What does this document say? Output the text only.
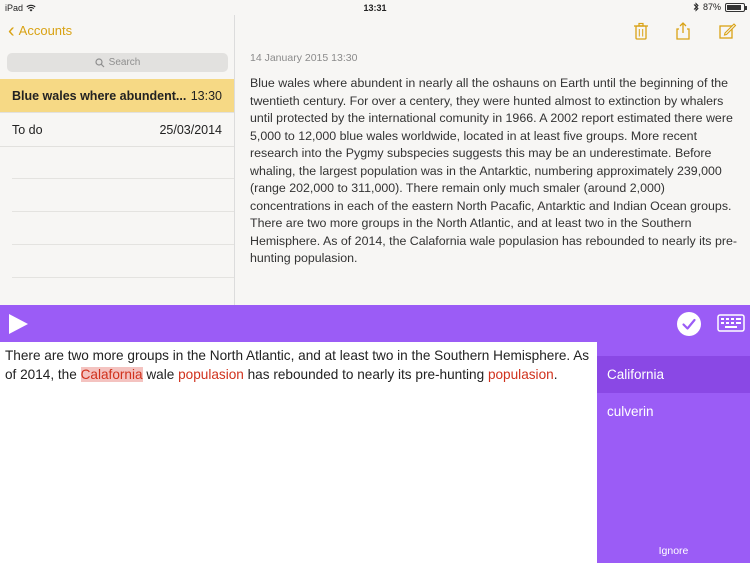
iPad	13:31	87%
‹ Accounts
Search
Blue wales where abundent... 13:30
To do	25/03/2014
14 January 2015 13:30
Blue wales where abundent in nearly all the oshauns on Earth until the beginning of the twentieth century. For over a centery, they were hunted almost to extinction by whalers until protected by the international comunity in 1966. A 2002 report estimated there were 5,000 to 12,000 blue wales worldwide, located in at least five groups. More recent research into the Pygmy subspecies suggests this may be an underestimate. Before whaling, the largest population was in the Antarktic, numbering approximately 239,000 (range 202,000 to 311,000). There remain only much smaler (around 2,000) concentrations in each of the eastern North Pacafic, Antarktic and Indian Ocean groups. There are two more groups in the North Atlantic, and at least two in the Southern Hemisphere. As of 2014, the Calafornia wale populasion has rebounded to nearly its pre-hunting populasion.
There are two more groups in the North Atlantic, and at least two in the Southern Hemisphere. As of 2014, the Calafornia wale populasion has rebounded to nearly its pre-hunting populasion.	California
culverin
Ignore
